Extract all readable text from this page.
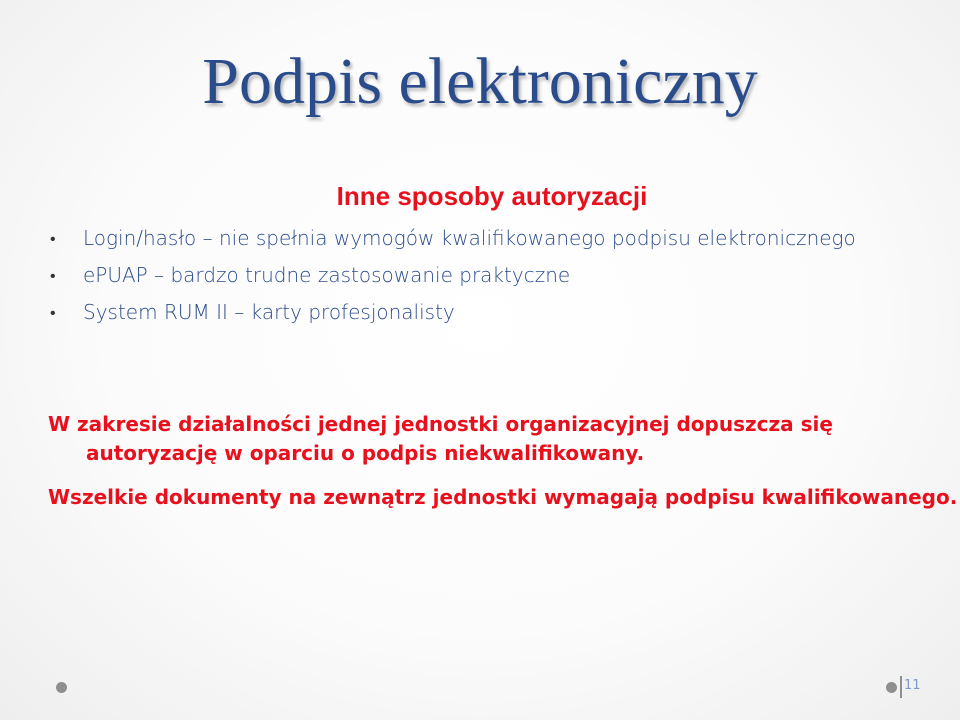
Podpis elektroniczny
Inne sposoby autoryzacji
• Login/hasło – nie spełnia wymogów kwalifikowanego podpisu elektronicznego
• ePUAP – bardzo trudne zastosowanie praktyczne
• System RUM II – karty profesjonalisty

W zakresie działalności jednej jednostki organizacyjnej dopuszcza się autoryzację w oparciu o podpis niekwalifikowany.

Wszelkie dokumenty na zewnątrz jednostki wymagają podpisu kwalifikowanego.

11
